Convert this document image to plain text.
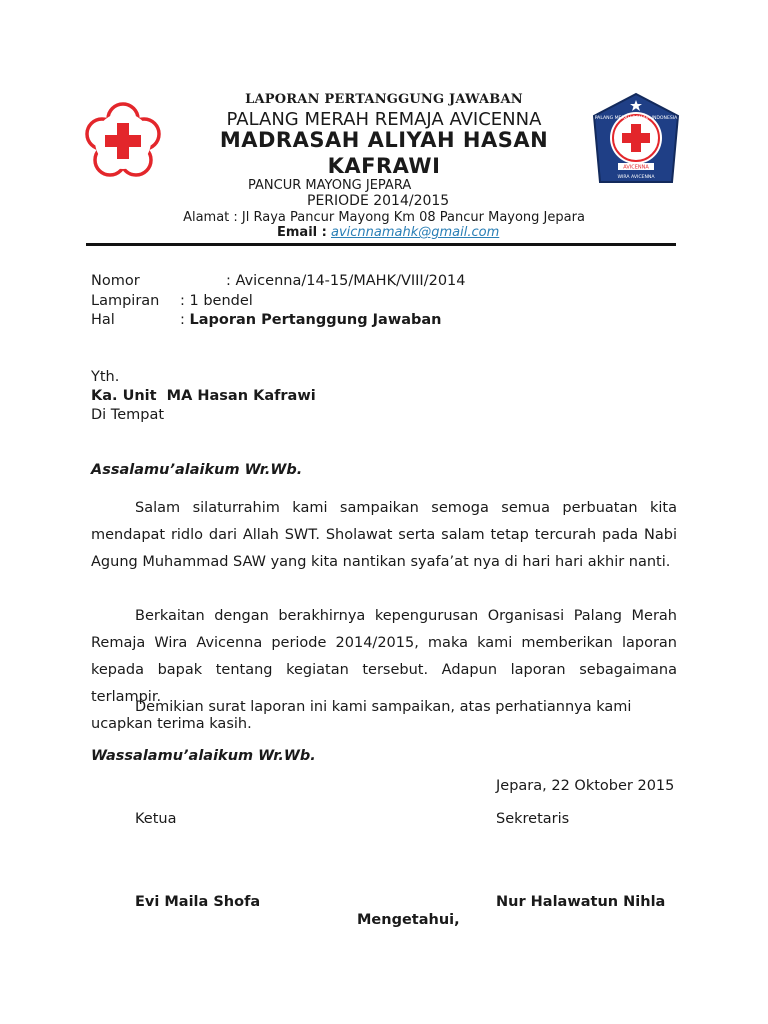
PALANG MERAH REMAJA INDONESIA
AVICENNA
WIRA AVICENNA
LAPORAN PERTANGGUNG JAWABAN
PALANG MERAH REMAJA AVICENNA
MADRASAH ALIYAH HASAN
KAFRAWI
PANCUR MAYONG JEPARA
PERIODE 2014/2015
Alamat : Jl Raya Pancur Mayong Km 08 Pancur Mayong Jepara
Email : avicnnamahk@gmail.com
Nomor	: Avicenna/14-15/MAHK/VIII/2014
Lampiran : 1 bendel
Hal	: Laporan Pertanggung Jawaban
Yth.
Ka. Unit  MA Hasan Kafrawi
Di Tempat
Assalamu’alaikum Wr.Wb.
Salam silaturrahim kami sampaikan semoga semua perbuatan kita mendapat ridlo dari Allah SWT. Sholawat serta salam tetap tercurah pada Nabi Agung Muhammad SAW yang kita nantikan syafa’at nya di hari hari akhir nanti.
Berkaitan dengan berakhirnya kepengurusan Organisasi Palang Merah Remaja Wira Avicenna periode 2014/2015, maka kami memberikan laporan kepada bapak tentang kegiatan tersebut. Adapun laporan sebagaimana terlampir.
Demikian surat laporan ini kami sampaikan, atas perhatiannya kami ucapkan terima kasih.
Wassalamu’alaikum Wr.Wb.
Jepara, 22 Oktober 2015
Ketua	Sekretaris
Evi Maila Shofa	Nur Halawatun Nihla
Mengetahui,
